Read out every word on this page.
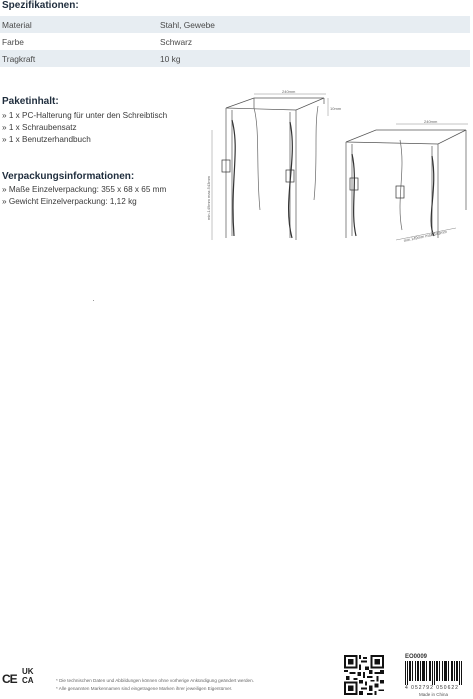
Spezifikationen:
Material	Stahl, Gewebe
Farbe	Schwarz
Tragkraft	10 kg
Paketinhalt:
» 1 x PC-Halterung für unter den Schreibtisch
» 1 x Schraubensatz
» 1 x Benutzerhandbuch
Verpackungsinformationen:
» Maße Einzelverpackung: 355 x 68 x 65 mm
» Gewicht Einzelverpackung: 1,12 kg
240mm
10mm
min.149mm max.543mm
240mm
min.149mm max.543mm
CE
UK
CA	* Die technischen Daten und Abbildungen können ohne vorherige Ankündigung geändert werden.
* Alle genannten Markennamen sind eingetragene Marken ihrer jeweiligen Eigentümer.
EO0009
4 052792 050622
Made in China
